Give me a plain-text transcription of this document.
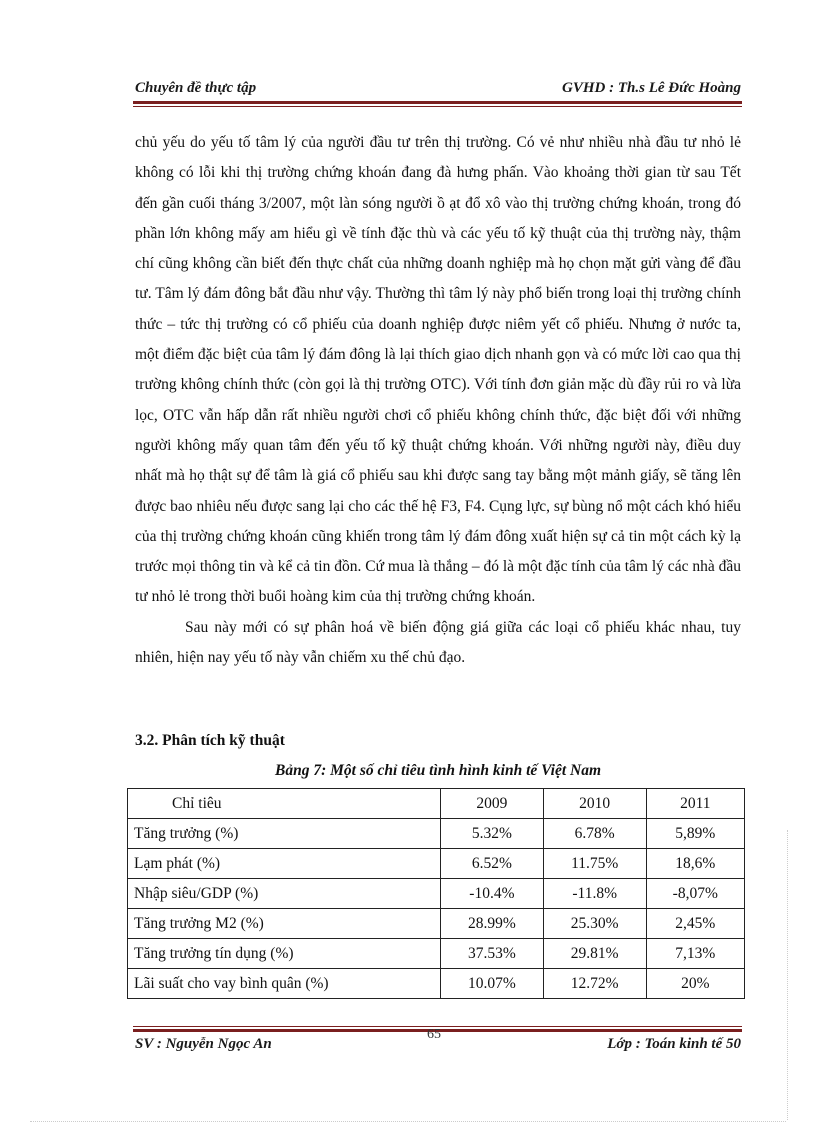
Chuyên đề thực tập	GVHD : Th.s Lê Đức Hoàng

chủ yếu do yếu tố tâm lý của người đầu tư trên thị trường. Có vẻ như nhiều nhà đầu tư nhỏ lẻ không có lỗi khi thị trường chứng khoán đang đà hưng phấn. Vào khoảng thời gian từ sau Tết đến gần cuối tháng 3/2007, một làn sóng người ồ ạt đổ xô vào thị trường chứng khoán, trong đó phần lớn không mấy am hiểu gì về tính đặc thù và các yếu tố kỹ thuật của thị trường này, thậm chí cũng không cần biết đến thực chất của những doanh nghiệp mà họ chọn mặt gửi vàng để đầu tư. Tâm lý đám đông bắt đầu như vậy. Thường thì tâm lý này phổ biến trong loại thị trường chính thức – tức thị trường có cổ phiếu của doanh nghiệp được niêm yết cổ phiếu. Nhưng ở nước ta, một điểm đặc biệt của tâm lý đám đông là lại thích giao dịch nhanh gọn và có mức lời cao qua thị trường không chính thức (còn gọi là thị trường OTC). Với tính đơn giản mặc dù đầy rủi ro và lừa lọc, OTC vẫn hấp dẫn rất nhiều người chơi cổ phiếu không chính thức, đặc biệt đối với những người không mấy quan tâm đến yếu tố kỹ thuật chứng khoán. Với những người này, điều duy nhất mà họ thật sự để tâm là giá cổ phiếu sau khi được sang tay bằng một mảnh giấy, sẽ tăng lên được bao nhiêu nếu được sang lại cho các thế hệ F3, F4. Cụng lực, sự bùng nổ một cách khó hiểu của thị trường chứng khoán cũng khiến trong tâm lý đám đông xuất hiện sự cả tin một cách kỳ lạ trước mọi thông tin và kể cả tin đồn. Cứ mua là thắng – đó là một đặc tính của tâm lý các nhà đầu tư nhỏ lẻ trong thời buổi hoàng kim của thị trường chứng khoán.

Sau này mới có sự phân hoá về biến động giá giữa các loại cổ phiếu khác nhau, tuy nhiên, hiện nay yếu tố này vẫn chiếm xu thế chủ đạo.

3.2. Phân tích kỹ thuật
Bảng 7: Một số chỉ tiêu tình hình kinh tế Việt Nam
Chỉ tiêu	2009	2010	2011
Tăng trưởng (%)	5.32%	6.78%	5,89%
Lạm phát (%)	6.52%	11.75%	18,6%
Nhập siêu/GDP (%)	-10.4%	-11.8%	-8,07%
Tăng trưởng M2 (%)	28.99%	25.30%	2,45%
Tăng trưởng tín dụng (%)	37.53%	29.81%	7,13%
Lãi suất cho vay bình quân (%)	10.07%	12.72%	20%
65
SV : Nguyễn Ngọc An	Lớp : Toán kinh tế 50
